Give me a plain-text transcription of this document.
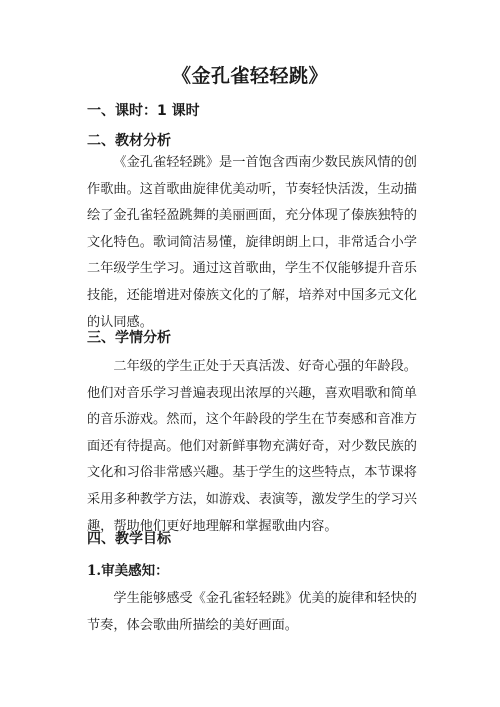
《金孔雀轻轻跳》
一、课时：1 课时
二、教材分析

《金孔雀轻轻跳》是一首饱含西南少数民族风情的创作歌曲。这首歌曲旋律优美动听，节奏轻快活泼，生动描绘了金孔雀轻盈跳舞的美丽画面，充分体现了傣族独特的文化特色。歌词简洁易懂，旋律朗朗上口，非常适合小学二年级学生学习。通过这首歌曲，学生不仅能够提升音乐技能，还能增进对傣族文化的了解，培养对中国多元文化的认同感。

三、学情分析

二年级的学生正处于天真活泼、好奇心强的年龄段。他们对音乐学习普遍表现出浓厚的兴趣，喜欢唱歌和简单的音乐游戏。然而，这个年龄段的学生在节奏感和音准方面还有待提高。他们对新鲜事物充满好奇，对少数民族的文化和习俗非常感兴趣。基于学生的这些特点，本节课将采用多种教学方法，如游戏、表演等，激发学生的学习兴趣，帮助他们更好地理解和掌握歌曲内容。

四、教学目标
1.审美感知：

学生能够感受《金孔雀轻轻跳》优美的旋律和轻快的节奏，体会歌曲所描绘的美好画面。
